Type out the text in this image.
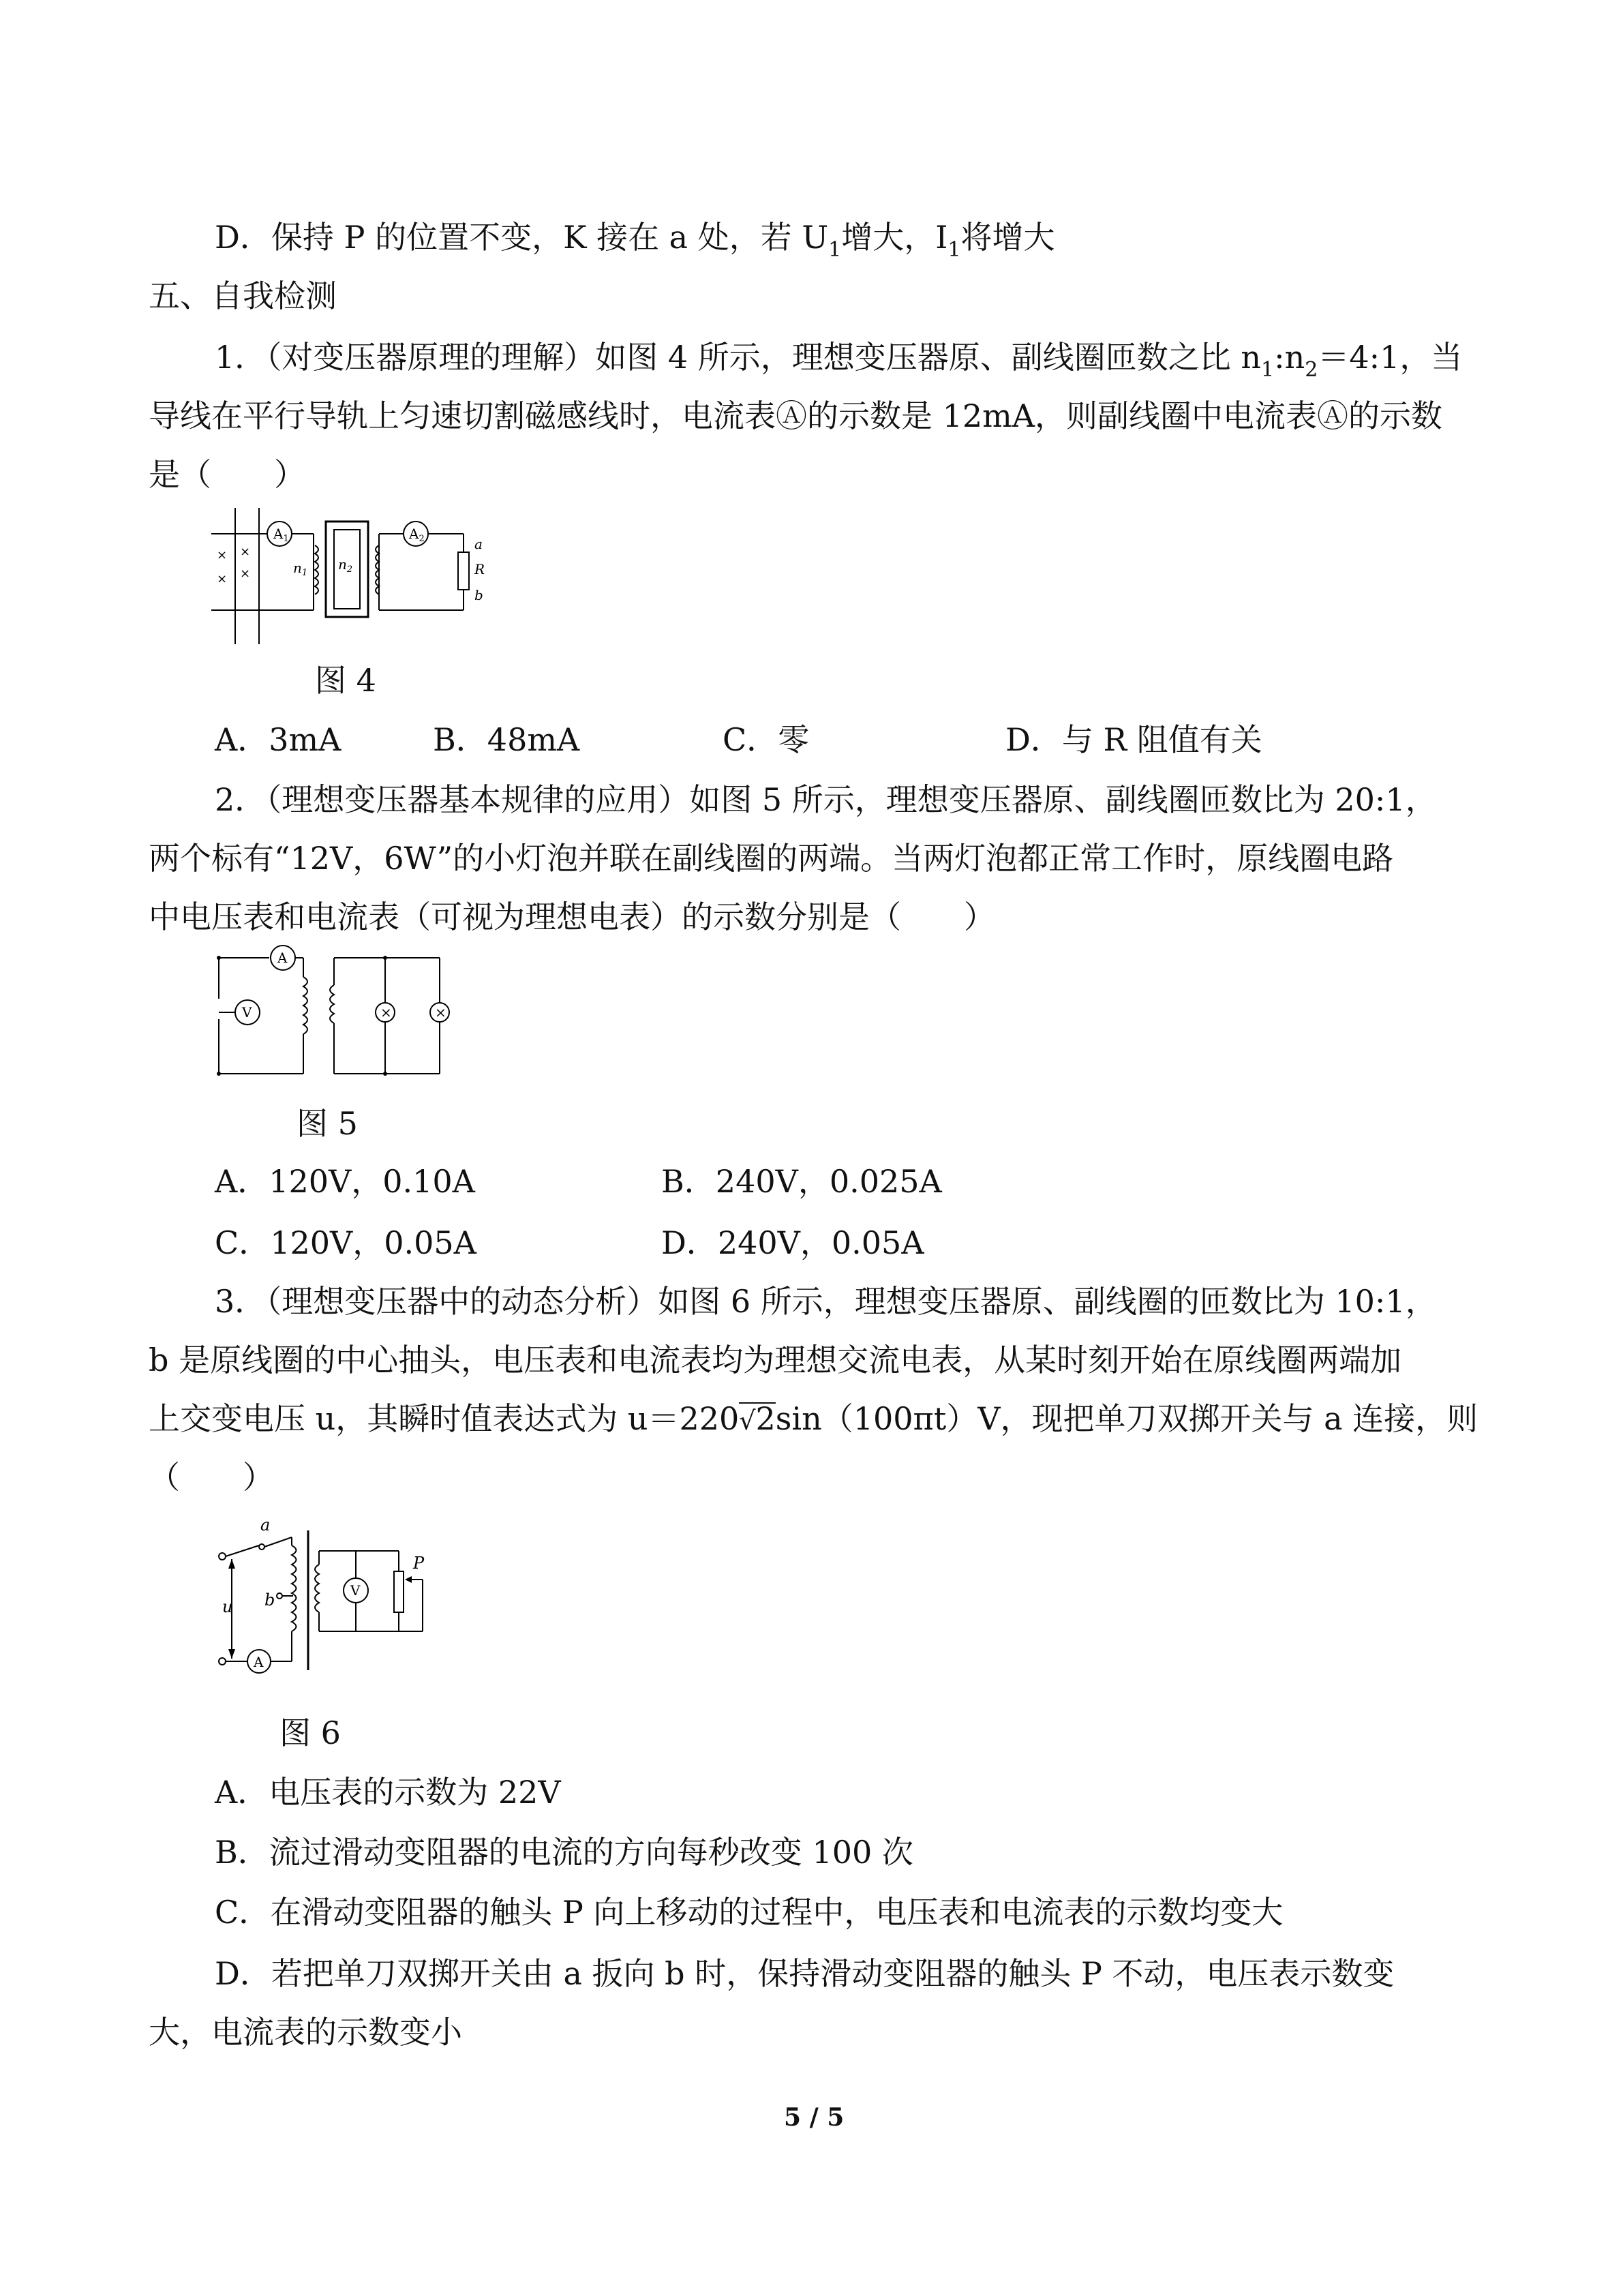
D．保持 P 的位置不变，K 接在 a 处，若 $U_1$增大，$I_1$将增大
五、自我检测
1．（对变压器原理的理解）如图 4 所示，理想变压器原、副线圈匝数之比 $n_1:n_2=4:1$，当
导线在平行导轨上匀速切割磁感线时，电流表Ⓐ的示数是 12mA，则副线圈中电流表Ⓐ的示数
是（　　）
×
×
×
×
$A_1$
$n_1$
$n_2$
$A_2$	a
R
b
图 4
A．3mA	B．48mA	C．零	D．与 R 阻值有关
2．（理想变压器基本规律的应用）如图 5 所示，理想变压器原、副线圈匝数比为 20:1，
两个标有“12V，6W”的小灯泡并联在副线圈的两端。当两灯泡都正常工作时，原线圈电路
中电压表和电流表（可视为理想电表）的示数分别是（　　）
A
V	×	×
图 5
A．120V，0.10A	B．240V，0.025A
C．120V，0.05A	D．240V，0.05A
3．（理想变压器中的动态分析）如图 6 所示，理想变压器原、副线圈的匝数比为 10:1，
b 是原线圈的中心抽头，电压表和电流表均为理想交流电表，从某时刻开始在原线圈两端加
上交变电压 u，其瞬时值表达式为 u＝220√2sin（100πt）V，现把单刀双掷开关与 a 连接，则
（　　）
u
a
b
A
V
P
图 6
A．电压表的示数为 22V
B．流过滑动变阻器的电流的方向每秒改变 100 次
C．在滑动变阻器的触头 P 向上移动的过程中，电压表和电流表的示数均变大
D．若把单刀双掷开关由 a 扳向 b 时，保持滑动变阻器的触头 P 不动，电压表示数变
大，电流表的示数变小
5 / 5
